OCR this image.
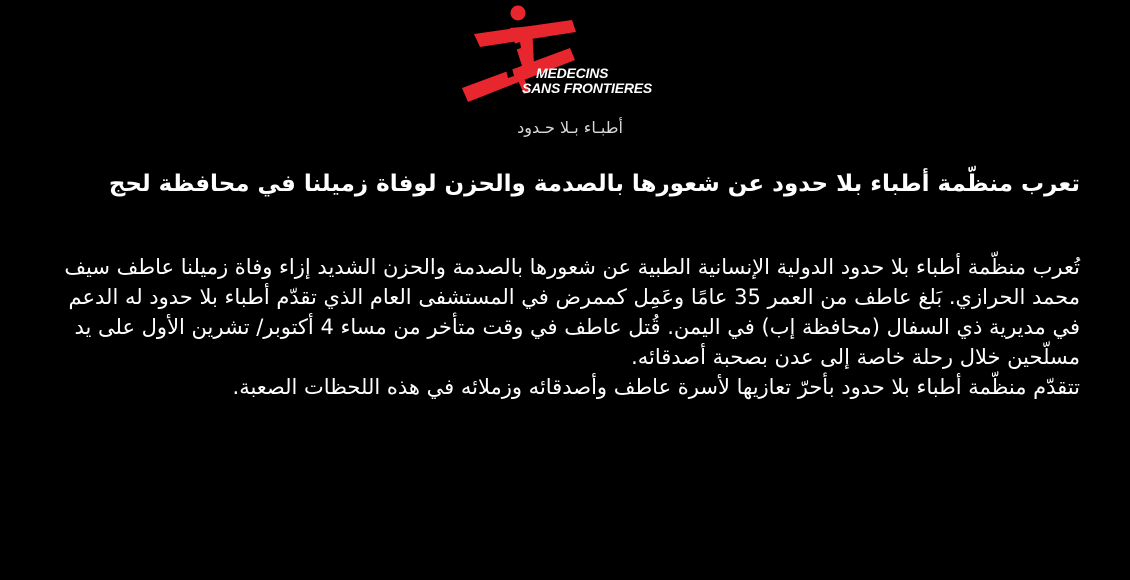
MEDECINS
SANS FRONTIERES
أطبـاء بـلا حـدود
تعرب منظّمة أطباء بلا حدود عن شعورها بالصدمة والحزن لوفاة زميلنا في محافظة لحج

تُعرب منظّمة أطباء بلا حدود الدولية الإنسانية الطبية عن شعورها بالصدمة والحزن الشديد إزاء وفاة زميلنا عاطف سيف محمد الحرازي. بَلغ عاطف من العمر 35 عامًا وعَمِل كممرض في المستشفى العام الذي تقدّم أطباء بلا حدود له الدعم في مديرية ذي السفال (محافظة إب) في اليمن. قُتل عاطف في وقت متأخر من مساء 4 أكتوبر/ تشرين الأول على يد مسلّحين خلال رحلة خاصة إلى عدن بصحبة أصدقائه.

تتقدّم منظّمة أطباء بلا حدود بأحرّ تعازيها لأسرة عاطف وأصدقائه وزملائه في هذه اللحظات الصعبة.
